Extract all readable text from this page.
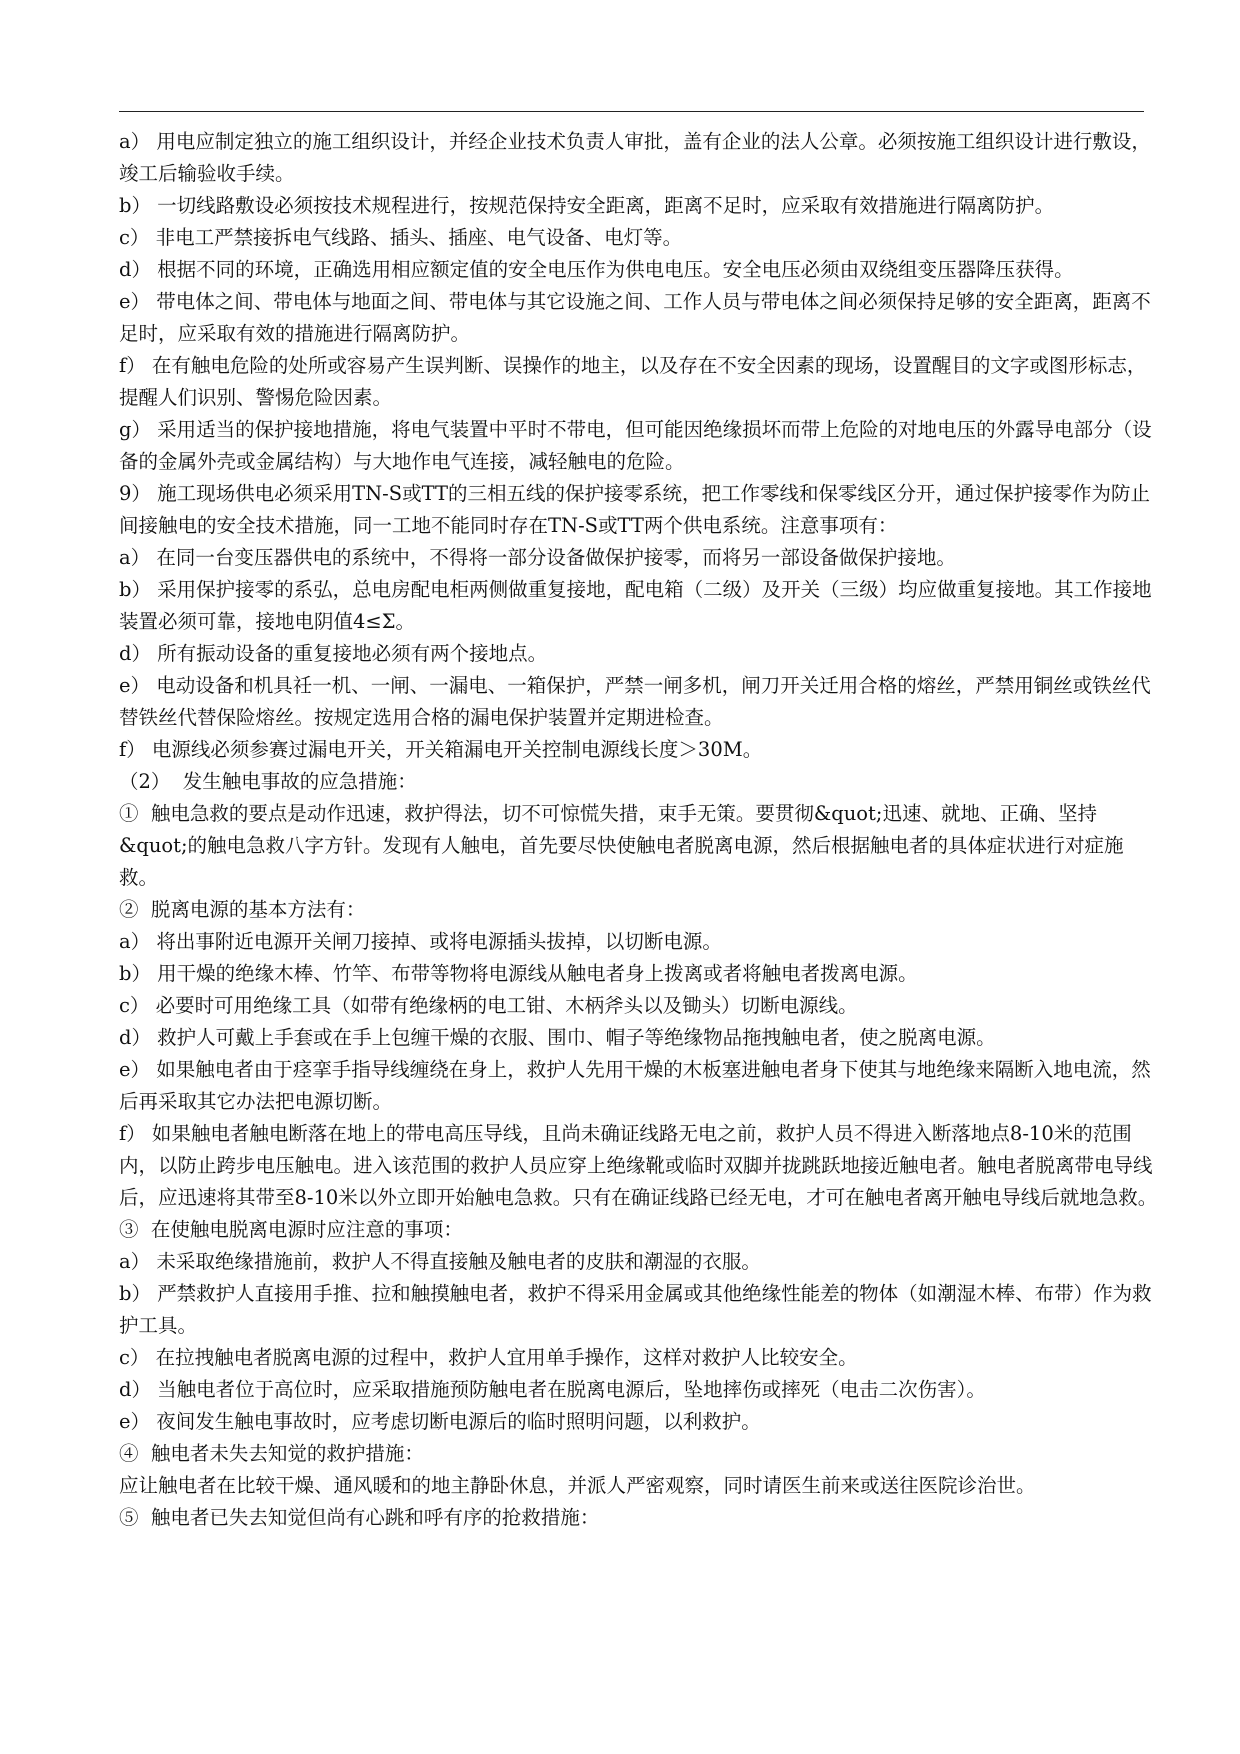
a） 用电应制定独立的施工组织设计，并经企业技术负责人审批，盖有企业的法人公章。必须按施工组织设计进行敷设，竣工后输验收手续。

b） 一切线路敷设必须按技术规程进行，按规范保持安全距离，距离不足时，应采取有效措施进行隔离防护。

c） 非电工严禁接拆电气线路、插头、插座、电气设备、电灯等。

d） 根据不同的环境，正确选用相应额定值的安全电压作为供电电压。安全电压必须由双绕组变压器降压获得。

e） 带电体之间、带电体与地面之间、带电体与其它设施之间、工作人员与带电体之间必须保持足够的安全距离，距离不足时，应采取有效的措施进行隔离防护。

f） 在有触电危险的处所或容易产生误判断、误操作的地主，以及存在不安全因素的现场，设置醒目的文字或图形标志，提醒人们识别、警惕危险因素。

g） 采用适当的保护接地措施，将电气装置中平时不带电，但可能因绝缘损坏而带上危险的对地电压的外露导电部分（设备的金属外壳或金属结构）与大地作电气连接，减轻触电的危险。

9） 施工现场供电必须采用TN-S或TT的三相五线的保护接零系统，把工作零线和保零线区分开，通过保护接零作为防止间接触电的安全技术措施，同一工地不能同时存在TN-S或TT两个供电系统。注意事项有：

a） 在同一台变压器供电的系统中，不得将一部分设备做保护接零，而将另一部设备做保护接地。

b） 采用保护接零的系弘，总电房配电柜两侧做重复接地，配电箱（二级）及开关（三级）均应做重复接地。其工作接地装置必须可靠，接地电阴值4≤Σ。

d） 所有振动设备的重复接地必须有两个接地点。

e） 电动设备和机具祍一机、一闸、一漏电、一箱保护，严禁一闸多机，闸刀开关迁用合格的熔丝，严禁用铜丝或铁丝代替铁丝代替保险熔丝。按规定选用合格的漏电保护装置并定期进检查。

f） 电源线必须参赛过漏电开关，开关箱漏电开关控制电源线长度＞30M。

（2）  发生触电事故的应急措施：

①  触电急救的要点是动作迅速，救护得法，切不可惊慌失措，束手无策。要贯彻&quot;迅速、就地、正确、坚持&quot;的触电急救八字方针。发现有人触电，首先要尽快使触电者脱离电源，然后根据触电者的具体症状进行对症施救。

②  脱离电源的基本方法有：

a） 将出事附近电源开关闸刀接掉、或将电源插头拔掉，以切断电源。

b） 用干燥的绝缘木棒、竹竿、布带等物将电源线从触电者身上拨离或者将触电者拨离电源。

c） 必要时可用绝缘工具（如带有绝缘柄的电工钳、木柄斧头以及锄头）切断电源线。

d） 救护人可戴上手套或在手上包缠干燥的衣服、围巾、帽子等绝缘物品拖拽触电者，使之脱离电源。

e） 如果触电者由于痉挛手指导线缠绕在身上，救护人先用干燥的木板塞进触电者身下使其与地绝缘来隔断入地电流，然后再采取其它办法把电源切断。

f） 如果触电者触电断落在地上的带电高压导线，且尚未确证线路无电之前，救护人员不得进入断落地点8-10米的范围内，以防止跨步电压触电。进入该范围的救护人员应穿上绝缘靴或临时双脚并拢跳跃地接近触电者。触电者脱离带电导线后，应迅速将其带至8-10米以外立即开始触电急救。只有在确证线路已经无电，才可在触电者离开触电导线后就地急救。

③  在使触电脱离电源时应注意的事项：

a） 未采取绝缘措施前，救护人不得直接触及触电者的皮肤和潮湿的衣服。

b） 严禁救护人直接用手推、拉和触摸触电者，救护不得采用金属或其他绝缘性能差的物体（如潮湿木棒、布带）作为救护工具。

c） 在拉拽触电者脱离电源的过程中，救护人宜用单手操作，这样对救护人比较安全。

d） 当触电者位于高位时，应采取措施预防触电者在脱离电源后，坠地摔伤或摔死（电击二次伤害）。

e） 夜间发生触电事故时，应考虑切断电源后的临时照明问题，以利救护。

④  触电者未失去知觉的救护措施：

应让触电者在比较干燥、通风暖和的地主静卧休息，并派人严密观察，同时请医生前来或送往医院诊治世。

⑤  触电者已失去知觉但尚有心跳和呼有序的抢救措施：
